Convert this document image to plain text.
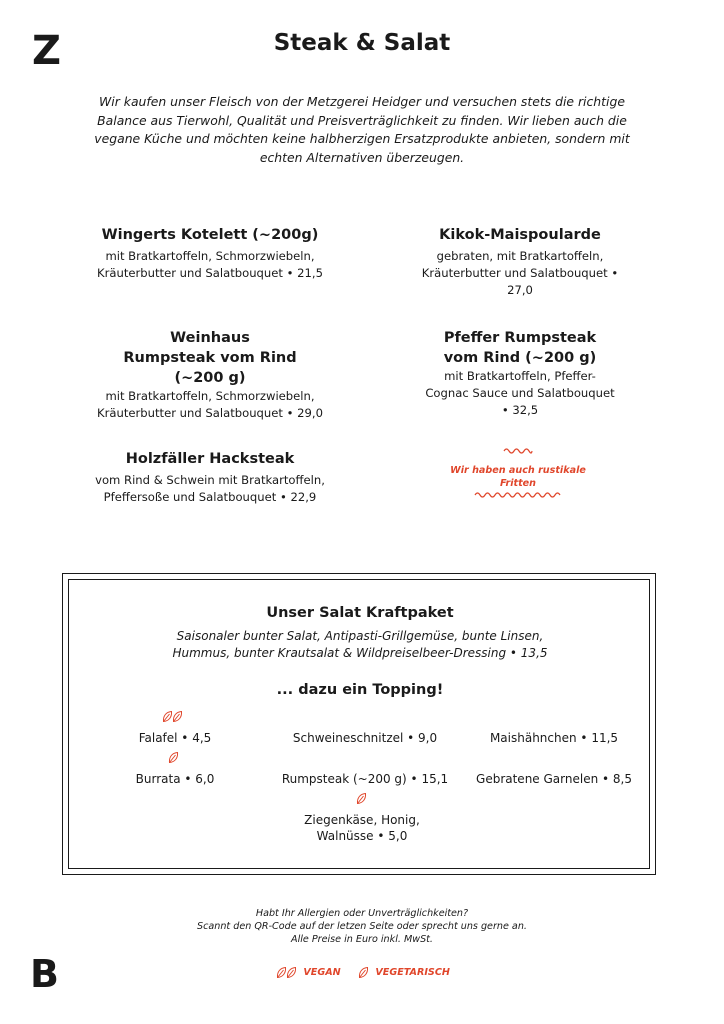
Z	Steak & Salat

Wir kaufen unser Fleisch von der Metzgerei Heidger und versuchen stets die richtige Balance aus Tierwohl, Qualität und Preisverträglichkeit zu finden. Wir lieben auch die vegane Küche und möchten keine halbherzigen Ersatzprodukte anbieten, sondern mit echten Alternativen überzeugen.

Wingerts Kotelett (~200g)
mit Bratkartoffeln, Schmorzwiebeln, Kräuterbutter und Salatbouquet • 21,5
Kikok-Maispoularde
gebraten, mit Bratkartoffeln, Kräuterbutter und Salatbouquet • 27,0
Weinhaus Rumpsteak vom Rind (~200 g)
mit Bratkartoffeln, Schmorzwiebeln, Kräuterbutter und Salatbouquet • 29,0
Pfeffer Rumpsteak vom Rind (~200 g)
mit Bratkartoffeln, Pfeffer-Cognac Sauce und Salatbouquet • 32,5
Holzfäller Hacksteak
vom Rind & Schwein mit Bratkartoffeln, Pfeffersoße und Salatbouquet • 22,9
Wir haben auch rustikale Fritten
Unser Salat Kraftpaket
Saisonaler bunter Salat, Antipasti-Grillgemüse, bunte Linsen, Hummus, bunter Krautsalat & Wildpreiselbeer-Dressing • 13,5
... dazu ein Topping!
Falafel • 4,5	Schweineschnitzel • 9,0	Maishähnchen • 11,5
Burrata • 6,0	Rumpsteak (~200 g) • 15,1	Gebratene Garnelen • 8,5
Ziegenkäse, Honig, Walnüsse • 5,0
Habt Ihr Allergien oder Unverträglichkeiten?
Scannt den QR-Code auf der letzen Seite oder sprecht uns gerne an.
Alle Preise in Euro inkl. MwSt.
VEGAN	VEGETARISCH
B
